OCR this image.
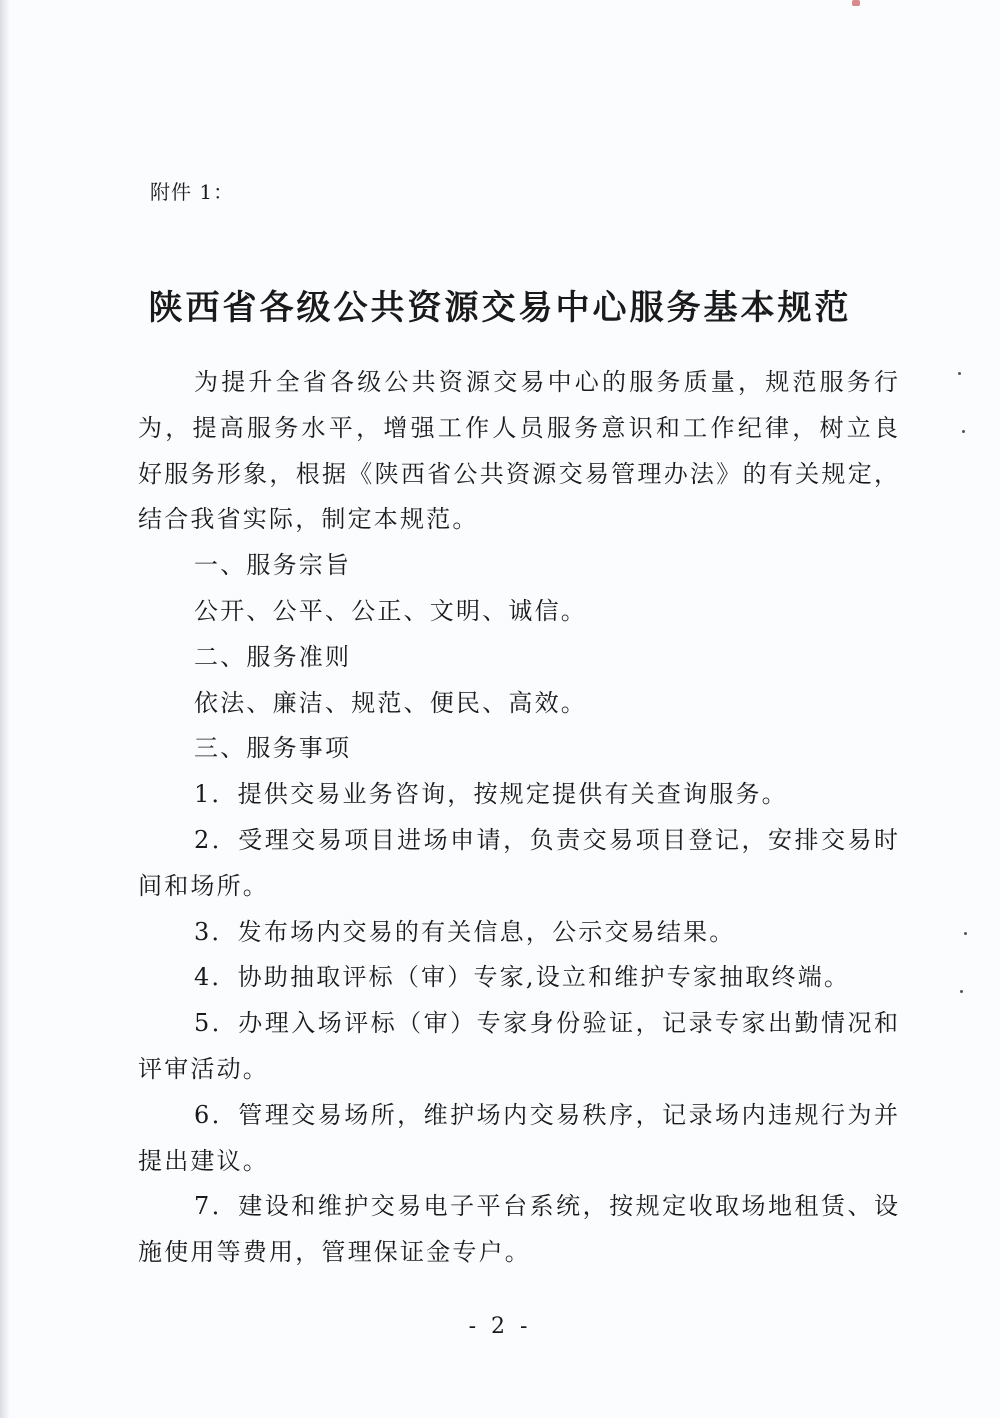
附件 1：
陕西省各级公共资源交易中心服务基本规范
为提升全省各级公共资源交易中心的服务质量，规范服务行
为，提高服务水平，增强工作人员服务意识和工作纪律，树立良
好服务形象，根据《陕西省公共资源交易管理办法》的有关规定，
结合我省实际，制定本规范。
一、服务宗旨
公开、公平、公正、文明、诚信。
二、服务准则
依法、廉洁、规范、便民、高效。
三、服务事项
1．提供交易业务咨询，按规定提供有关查询服务。
2．受理交易项目进场申请，负责交易项目登记，安排交易时
间和场所。
3．发布场内交易的有关信息，公示交易结果。
4．协助抽取评标（审）专家,设立和维护专家抽取终端。
5．办理入场评标（审）专家身份验证，记录专家出勤情况和
评审活动。
6．管理交易场所，维护场内交易秩序，记录场内违规行为并
提出建议。
7．建设和维护交易电子平台系统，按规定收取场地租赁、设
施使用等费用，管理保证金专户。
- 2 -
